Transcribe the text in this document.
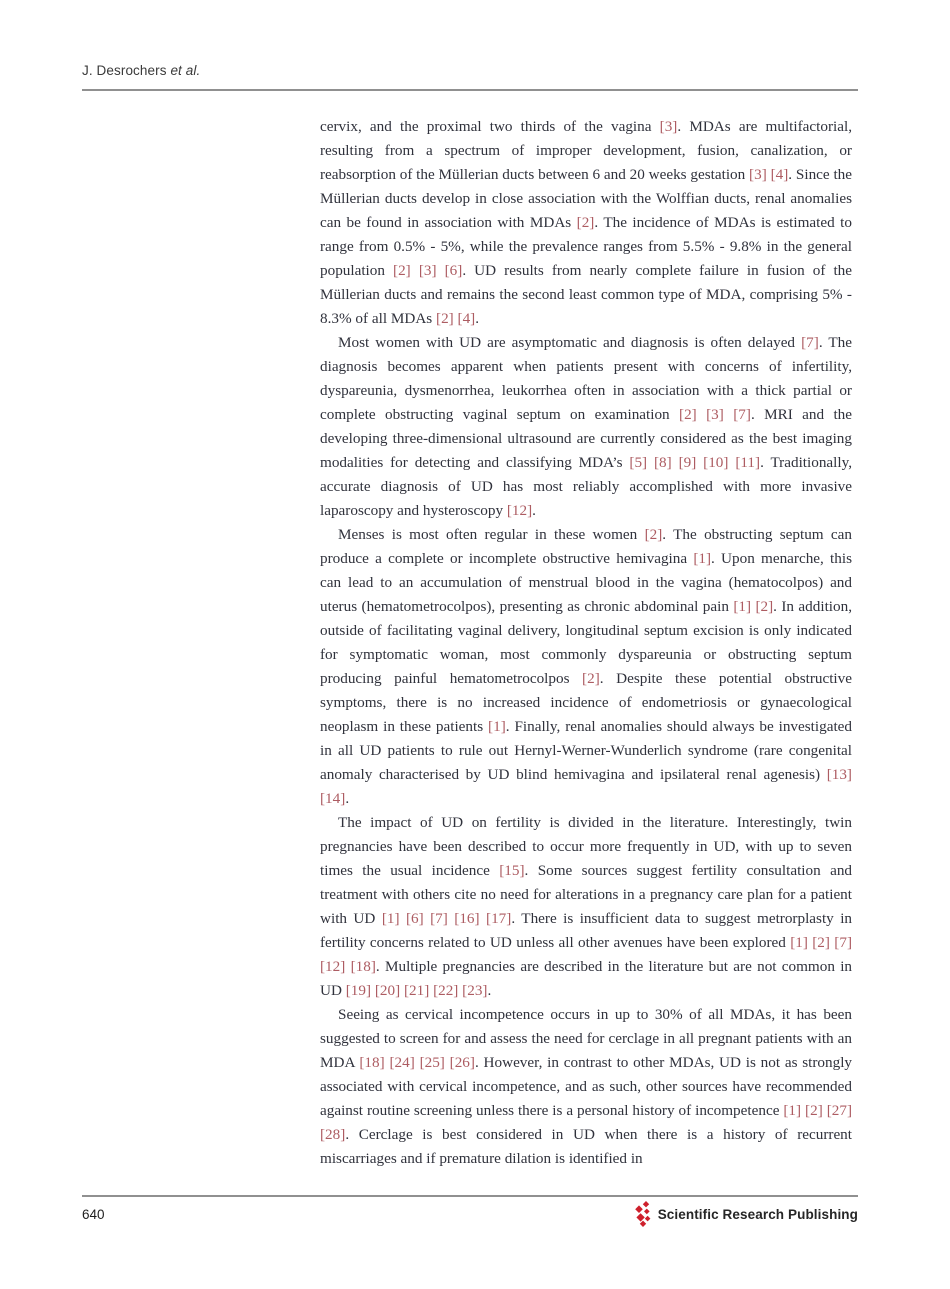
J. Desrochers et al.

cervix, and the proximal two thirds of the vagina [3]. MDAs are multifactorial, resulting from a spectrum of improper development, fusion, canalization, or reabsorption of the Müllerian ducts between 6 and 20 weeks gestation [3] [4]. Since the Müllerian ducts develop in close association with the Wolffian ducts, renal anomalies can be found in association with MDAs [2]. The incidence of MDAs is estimated to range from 0.5% - 5%, while the prevalence ranges from 5.5% - 9.8% in the general population [2] [3] [6]. UD results from nearly complete failure in fusion of the Müllerian ducts and remains the second least common type of MDA, comprising 5% - 8.3% of all MDAs [2] [4].

Most women with UD are asymptomatic and diagnosis is often delayed [7]. The diagnosis becomes apparent when patients present with concerns of infertility, dyspareunia, dysmenorrhea, leukorrhea often in association with a thick partial or complete obstructing vaginal septum on examination [2] [3] [7]. MRI and the developing three-dimensional ultrasound are currently considered as the best imaging modalities for detecting and classifying MDA’s [5] [8] [9] [10] [11]. Traditionally, accurate diagnosis of UD has most reliably accomplished with more invasive laparoscopy and hysteroscopy [12].

Menses is most often regular in these women [2]. The obstructing septum can produce a complete or incomplete obstructive hemivagina [1]. Upon menarche, this can lead to an accumulation of menstrual blood in the vagina (hematocolpos) and uterus (hematometrocolpos), presenting as chronic abdominal pain [1] [2]. In addition, outside of facilitating vaginal delivery, longitudinal septum excision is only indicated for symptomatic woman, most commonly dyspareunia or obstructing septum producing painful hematometrocolpos [2]. Despite these potential obstructive symptoms, there is no increased incidence of endometriosis or gynaecological neoplasm in these patients [1]. Finally, renal anomalies should always be investigated in all UD patients to rule out Hernyl-Werner-Wunderlich syndrome (rare congenital anomaly characterised by UD blind hemivagina and ipsilateral renal agenesis) [13] [14].

The impact of UD on fertility is divided in the literature. Interestingly, twin pregnancies have been described to occur more frequently in UD, with up to seven times the usual incidence [15]. Some sources suggest fertility consultation and treatment with others cite no need for alterations in a pregnancy care plan for a patient with UD [1] [6] [7] [16] [17]. There is insufficient data to suggest metrorplasty in fertility concerns related to UD unless all other avenues have been explored [1] [2] [7] [12] [18]. Multiple pregnancies are described in the literature but are not common in UD [19] [20] [21] [22] [23].

Seeing as cervical incompetence occurs in up to 30% of all MDAs, it has been suggested to screen for and assess the need for cerclage in all pregnant patients with an MDA [18] [24] [25] [26]. However, in contrast to other MDAs, UD is not as strongly associated with cervical incompetence, and as such, other sources have recommended against routine screening unless there is a personal history of incompetence [1] [2] [27] [28]. Cerclage is best considered in UD when there is a history of recurrent miscarriages and if premature dilation is identified in

640	Scientific Research Publishing
